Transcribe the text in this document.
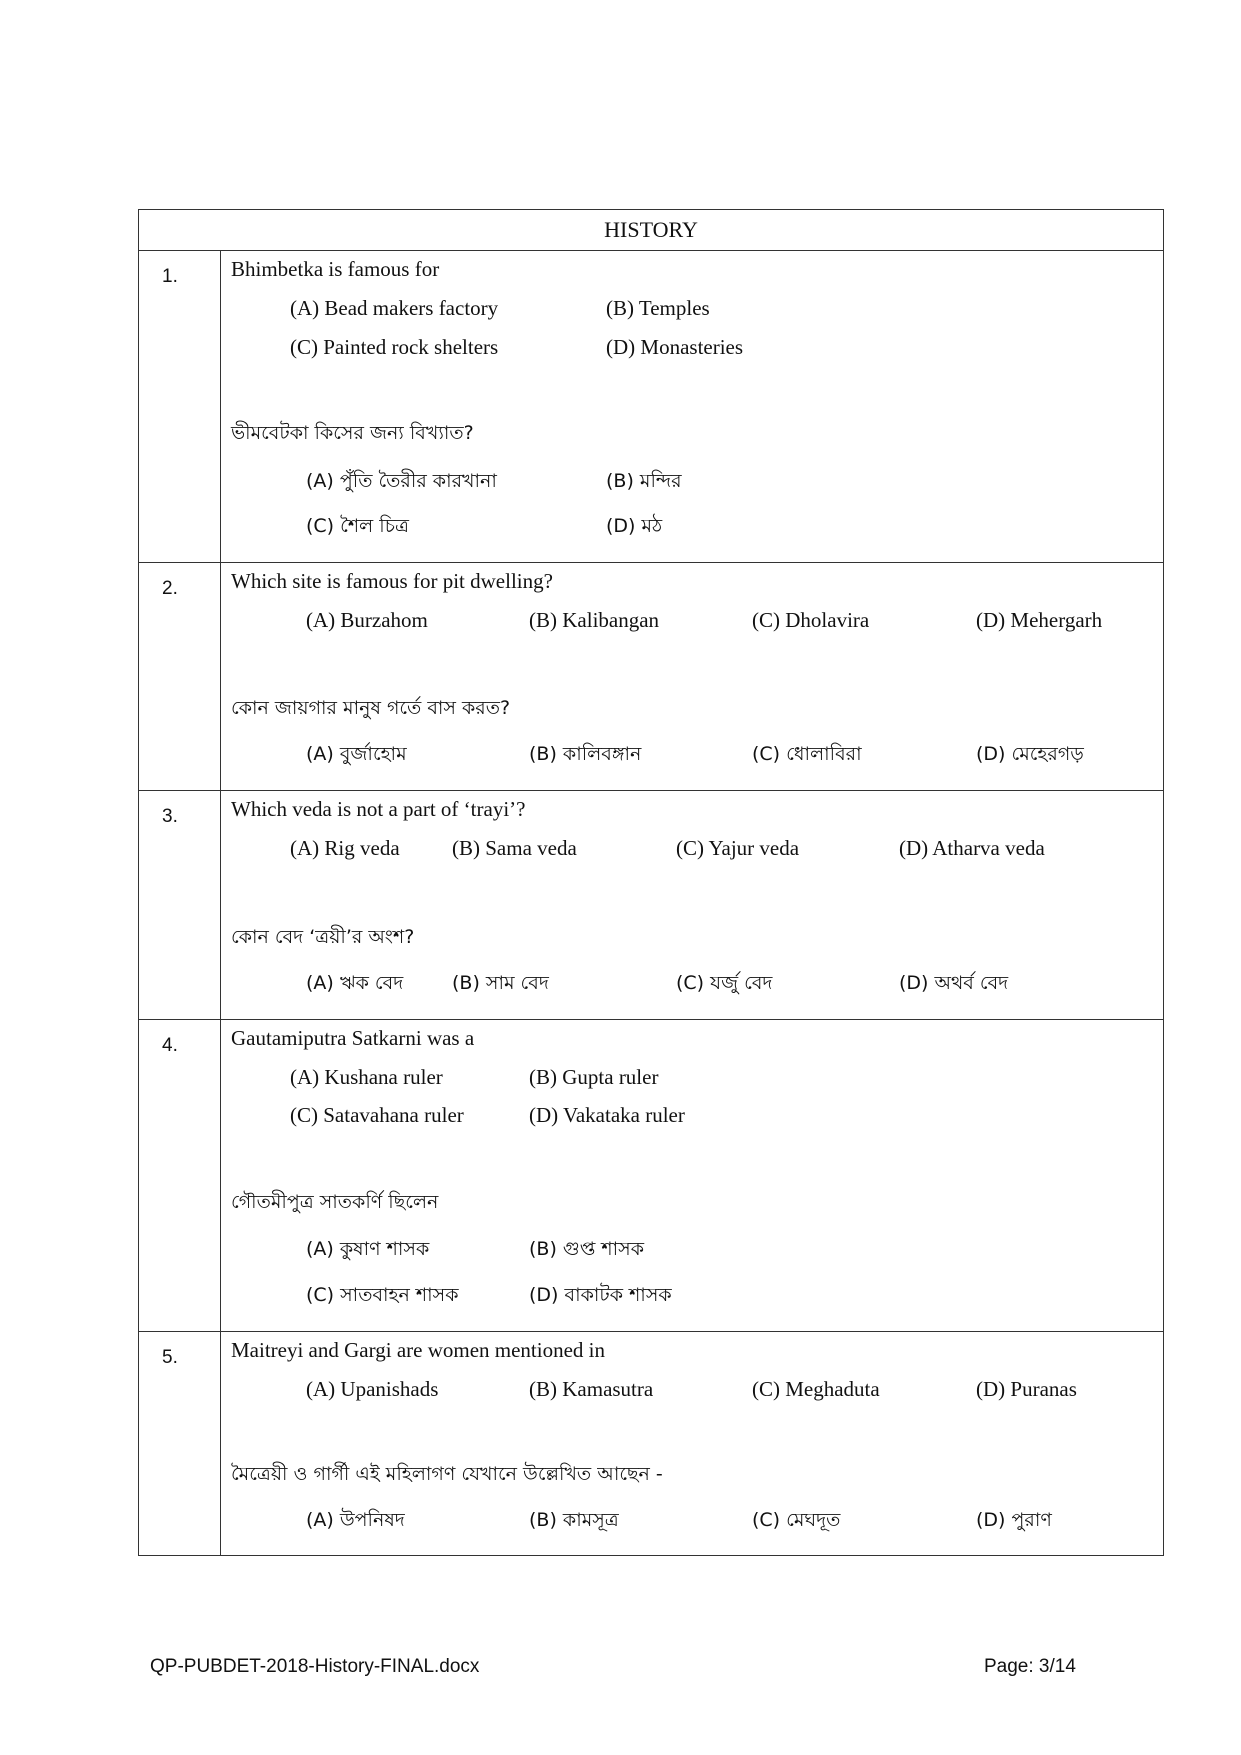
HISTORY
1.	Bhimbetka is famous for
(A) Bead makers factory	(B) Temples
(C) Painted rock shelters	(D) Monasteries
ভীমবেটকা কিসের জন্য বিখ্যাত?
(A) পুঁতি তৈরীর কারখানা	(B) মন্দির
(C) শৈল চিত্র	(D) মঠ
2.	Which site is famous for pit dwelling?
(A) Burzahom	(B) Kalibangan	(C) Dholavira	(D) Mehergarh
কোন জায়গার মানুষ গর্তে বাস করত?
(A) বুর্জাহোম	(B) কালিবঙ্গান	(C) ধোলাবিরা	(D) মেহেরগড়
3.	Which veda is not a part of ‘trayi’?
(A) Rig veda (B) Sama veda	(C) Yajur veda	(D) Atharva veda
কোন বেদ ‘ত্রয়ী’র অংশ?
(A) ঋক বেদ	(B) সাম বেদ	(C) যর্জু বেদ	(D) অথর্ব বেদ
4.	Gautamiputra Satkarni was a
(A) Kushana ruler	(B) Gupta ruler
(C) Satavahana ruler	(D) Vakataka ruler
গৌতমীপুত্র সাতকর্ণি ছিলেন
(A) কুষাণ শাসক	(B) গুপ্ত শাসক
(C) সাতবাহন শাসক	(D) বাকাটক শাসক
5.	Maitreyi and Gargi are women mentioned in
(A) Upanishads	(B) Kamasutra	(C) Meghaduta	(D) Puranas
মৈত্রেয়ী ও গার্গী এই মহিলাগণ যেখানে উল্লেখিত আছেন -
(A) উপনিষদ	(B) কামসূত্র	(C) মেঘদূত	(D) পুরাণ
QP-PUBDET-2018-History-FINAL.docx	Page: 3/14
